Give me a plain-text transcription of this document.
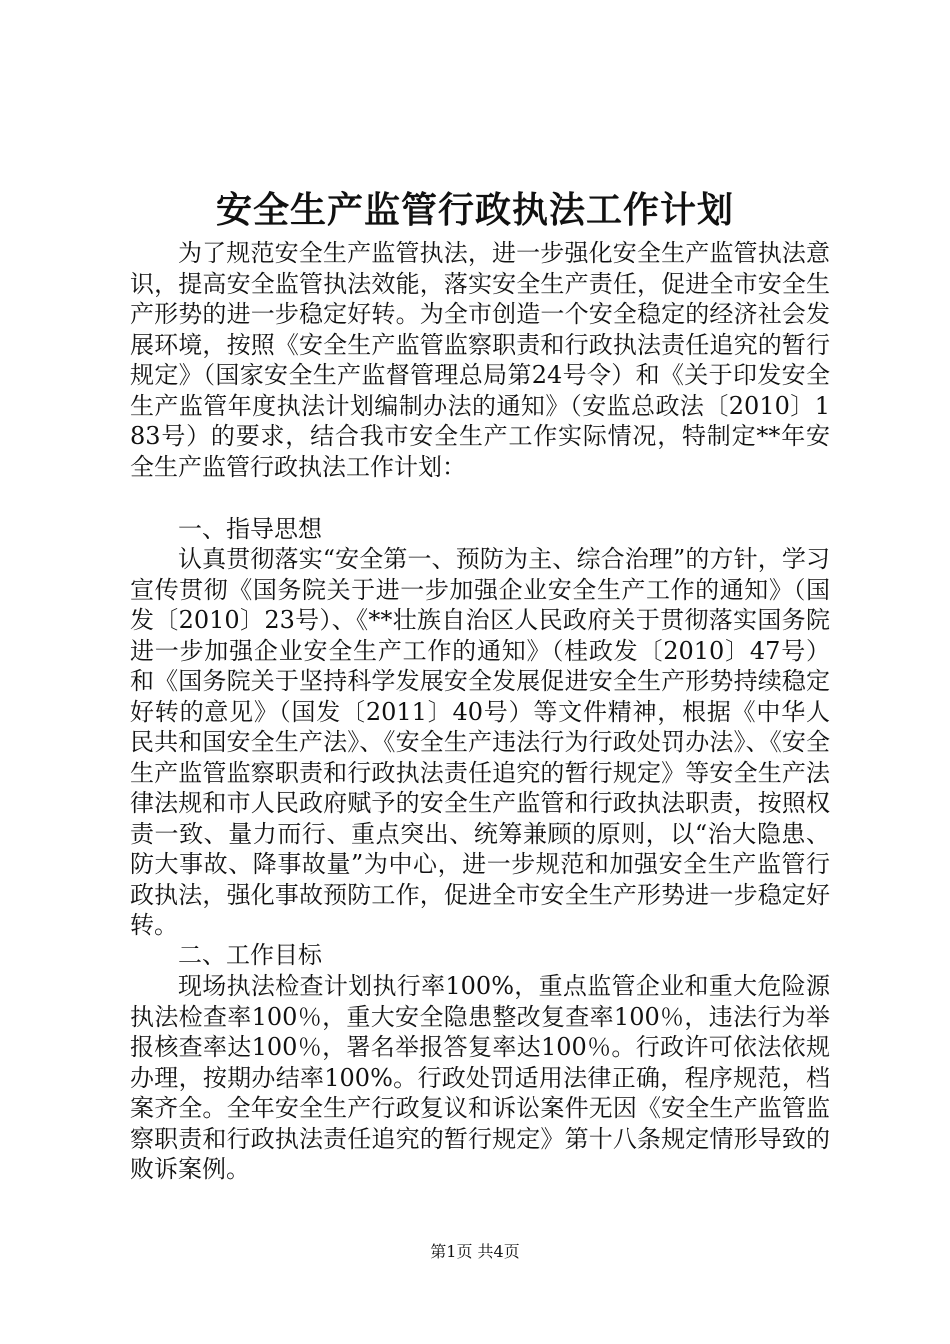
安全生产监管行政执法工作计划

为了规范安全生产监管执法，进一步强化安全生产监管执法意识，提高安全监管执法效能，落实安全生产责任，促进全市安全生产形势的进一步稳定好转。为全市创造一个安全稳定的经济社会发展环境，按照《安全生产监管监察职责和行政执法责任追究的暂行规定》（国家安全生产监督管理总局第24号令）和《关于印发安全生产监管年度执法计划编制办法的通知》（安监总政法〔2010〕183号）的要求，结合我市安全生产工作实际情况，特制定**年安全生产监管行政执法工作计划：

一、指导思想

认真贯彻落实“安全第一、预防为主、综合治理”的方针，学习宣传贯彻《国务院关于进一步加强企业安全生产工作的通知》（国发〔2010〕23号）、《**壮族自治区人民政府关于贯彻落实国务院进一步加强企业安全生产工作的通知》（桂政发〔2010〕47号）和《国务院关于坚持科学发展安全发展促进安全生产形势持续稳定好转的意见》（国发〔2011〕40号）等文件精神，根据《中华人民共和国安全生产法》、《安全生产违法行为行政处罚办法》、《安全生产监管监察职责和行政执法责任追究的暂行规定》等安全生产法律法规和市人民政府赋予的安全生产监管和行政执法职责，按照权责一致、量力而行、重点突出、统筹兼顾的原则，以“治大隐患、防大事故、降事故量”为中心，进一步规范和加强安全生产监管行政执法，强化事故预防工作，促进全市安全生产形势进一步稳定好转。

二、工作目标

现场执法检查计划执行率100%，重点监管企业和重大危险源执法检查率100％，重大安全隐患整改复查率100％，违法行为举报核查率达100％，署名举报答复率达100％。行政许可依法依规办理，按期办结率100%。行政处罚适用法律正确，程序规范，档案齐全。全年安全生产行政复议和诉讼案件无因《安全生产监管监察职责和行政执法责任追究的暂行规定》第十八条规定情形导致的败诉案例。

第1页 共4页
